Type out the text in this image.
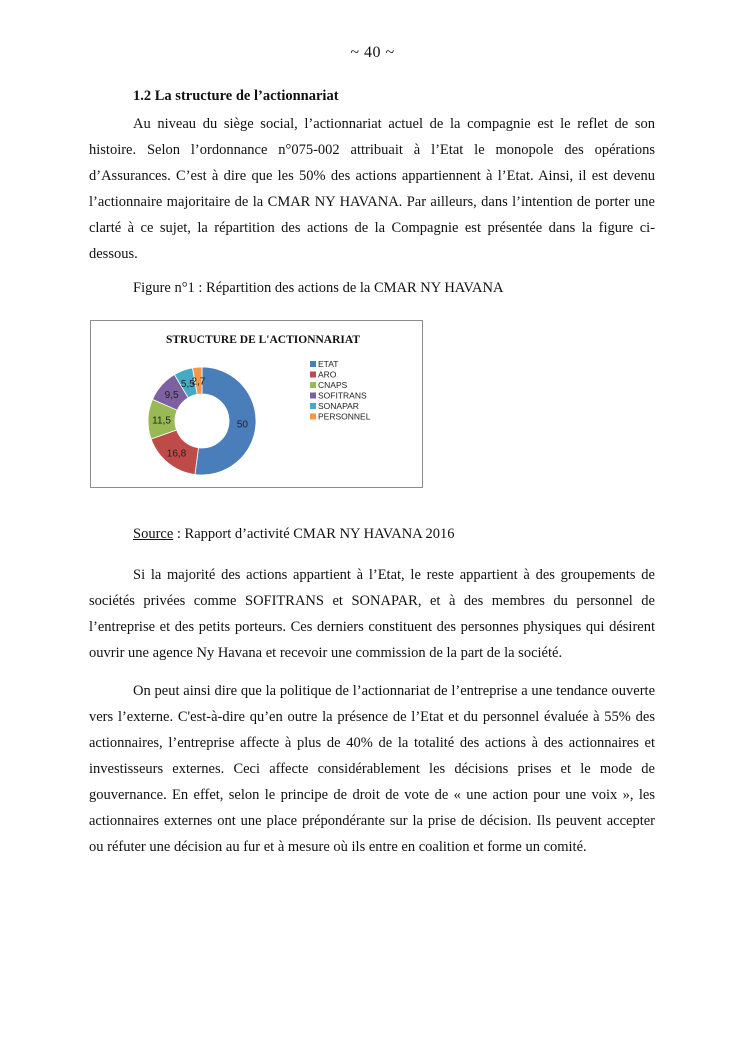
~ 40 ~
1.2 La structure de l’actionnariat

Au niveau du siège social, l’actionnariat actuel de la compagnie est le reflet de son histoire. Selon l’ordonnance n°075-002 attribuait à l’Etat le monopole des opérations d’Assurances. C’est à dire que les 50% des actions appartiennent à l’Etat. Ainsi, il est devenu l’actionnaire majoritaire de la CMAR NY HAVANA. Par ailleurs, dans l’intention de porter une clarté à ce sujet, la répartition des actions de la Compagnie est présentée dans la figure ci-dessous.

Figure n°1 : Répartition des actions de la CMAR NY HAVANA
STRUCTURE DE L'ACTIONNARIAT
50
16,8
11,5
9,5
5,5
2,7
ETAT
ARO
CNAPS
SOFITRANS
SONAPAR
PERSONNEL
Source : Rapport d’activité CMAR NY HAVANA 2016

Si la majorité des actions appartient à l’Etat, le reste appartient à des groupements de sociétés privées comme SOFITRANS et SONAPAR, et à des membres du personnel de l’entreprise et des petits porteurs. Ces derniers constituent des personnes physiques qui désirent ouvrir une agence Ny Havana et recevoir une commission de la part de la société.

On peut ainsi dire que la politique de l’actionnariat de l’entreprise a une tendance ouverte vers l’externe. C'est-à-dire qu’en outre la présence de l’Etat et du personnel évaluée à 55% des actionnaires, l’entreprise affecte à plus de 40% de la totalité des actions à des actionnaires et investisseurs externes. Ceci affecte considérablement les décisions prises et le mode de gouvernance. En effet, selon le principe de droit de vote de « une action pour une voix », les actionnaires externes ont une place prépondérante sur la prise de décision. Ils peuvent accepter ou réfuter une décision au fur et à mesure où ils entre en coalition et forme un comité.
